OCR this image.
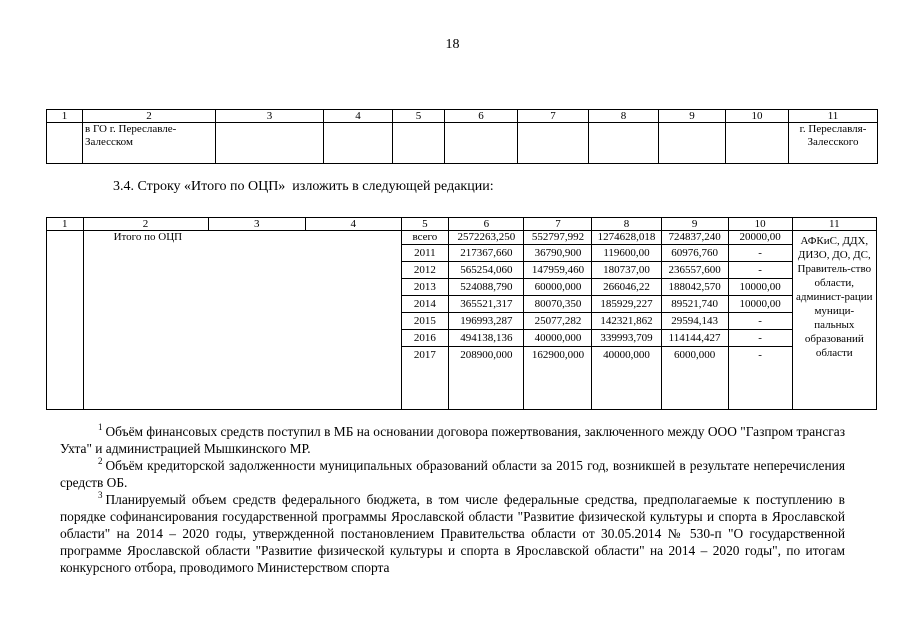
18
1	2	3	4	5	6	7	8	9	10	11
	в ГО г. Переславле-Залесском									г. Переславля-Залесского
3.4. Строку «Итого по ОЦП»  изложить в следующей редакции:
1	2	3	4	5	6	7	8	9	10	11
	Итого по ОЦП			всего	2572263,250	552797,992	1274628,018	724837,240	20000,00	АФКиС, ДДХ, ДИЗО, ДО, ДС, Правитель-ство области, админист-рации муници-пальных образований области
				2011	217367,660	36790,900	119600,00	60976,760	-	
				2012	565254,060	147959,460	180737,00	236557,600	-	
				2013	524088,790	60000,000	266046,22	188042,570	10000,00	
				2014	365521,317	80070,350	185929,227	89521,740	10000,00	
				2015	196993,287	25077,282	142321,862	29594,143	-	
				2016	494138,136	40000,000	339993,709	114144,427	-	
				2017	208900,000	162900,000	40000,000	6000,000	-	

$^1$ Объём финансовых средств поступил в МБ на основании договора пожертвования, заключенного между ООО "Газпром трансгаз Ухта" и администрацией Мышкинского МР.

$^2$ Объём кредиторской задолженности муниципальных образований области за 2015 год, возникшей в результате неперечисления средств ОБ.

$^3$ Планируемый объем средств федерального бюджета, в том числе федеральные средства, предполагаемые к поступлению в порядке софинансирования государственной программы Ярославской области "Развитие физической культуры и спорта в Ярославской области" на 2014 – 2020 годы, утвержденной постановлением Правительства области от 30.05.2014 № 530-п "О государственной программе Ярославской области "Развитие физической культуры и спорта в Ярославской области" на 2014 – 2020 годы", по итогам конкурсного отбора, проводимого Министерством спорта
